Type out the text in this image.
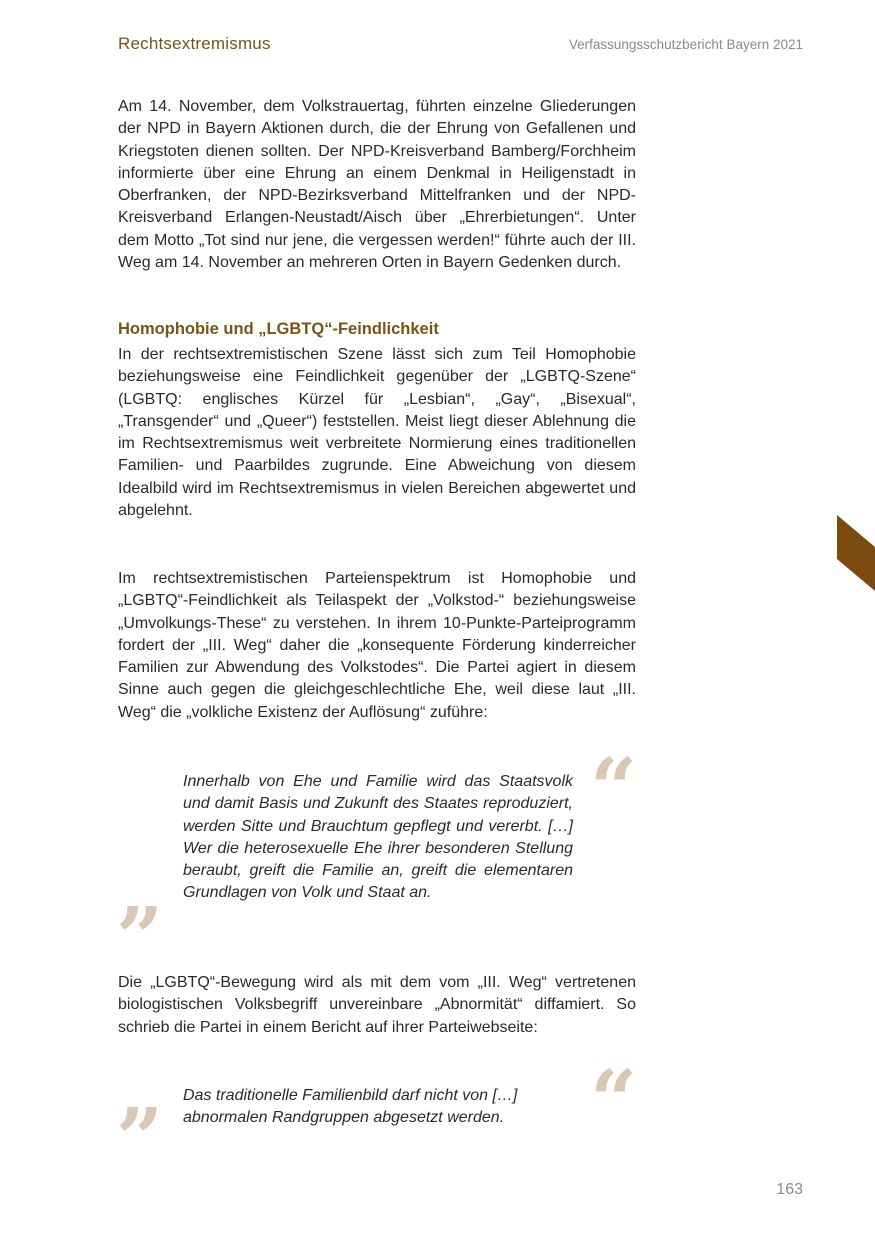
Rechtsextremismus	Verfassungsschutzbericht Bayern 2021

Am 14. November, dem Volkstrauertag, führten einzelne Gliederungen der NPD in Bayern Aktionen durch, die der Ehrung von Gefallenen und Kriegstoten dienen sollten. Der NPD-Kreisverband Bamberg/Forchheim informierte über eine Ehrung an einem Denkmal in Heiligenstadt in Oberfranken, der NPD-Bezirksverband Mittelfranken und der NPD-Kreisverband Erlangen-Neustadt/Aisch über „Ehrerbietungen“. Unter dem Motto „Tot sind nur jene, die vergessen werden!“ führte auch der III. Weg am 14. November an mehreren Orten in Bayern Gedenken durch.

Homophobie und „LGBTQ“-Feindlichkeit

In der rechtsextremistischen Szene lässt sich zum Teil Homophobie beziehungsweise eine Feindlichkeit gegenüber der „LGBTQ-Szene“ (LGBTQ: englisches Kürzel für „Lesbian“, „Gay“, „Bisexual“, „Transgender“ und „Queer“) feststellen. Meist liegt dieser Ablehnung die im Rechtsextremismus weit verbreitete Normierung eines traditionellen Familien- und Paarbildes zugrunde. Eine Abweichung von diesem Idealbild wird im Rechtsextremismus in vielen Bereichen abgewertet und abgelehnt.

Im rechtsextremistischen Parteienspektrum ist Homophobie und „LGBTQ“-Feindlichkeit als Teilaspekt der „Volkstod-“ beziehungsweise „Umvolkungs-These“ zu verstehen. In ihrem 10-Punkte-Parteiprogramm fordert der „III. Weg“ daher die „konsequente Förderung kinderreicher Familien zur Abwendung des Volkstodes“. Die Partei agiert in diesem Sinne auch gegen die gleichgeschlechtliche Ehe, weil diese laut „III. Weg“ die „volkliche Existenz der Auflösung“ zuführe:

“

Innerhalb von Ehe und Familie wird das Staatsvolk und damit Basis und Zukunft des Staates reproduziert, werden Sitte und Brauchtum gepflegt und vererbt. […] Wer die heterosexuelle Ehe ihrer besonderen Stellung beraubt, greift die Familie an, greift die elementaren Grundlagen von Volk und Staat an.

”

Die „LGBTQ“-Bewegung wird als mit dem vom „III. Weg“ vertretenen biologistischen Volksbegriff unvereinbare „Abnormität“ diffamiert. So schrieb die Partei in einem Bericht auf ihrer Parteiwebseite:

“

Das traditionelle Familienbild darf nicht von […] abnormalen Randgruppen abgesetzt werden.

”
163
